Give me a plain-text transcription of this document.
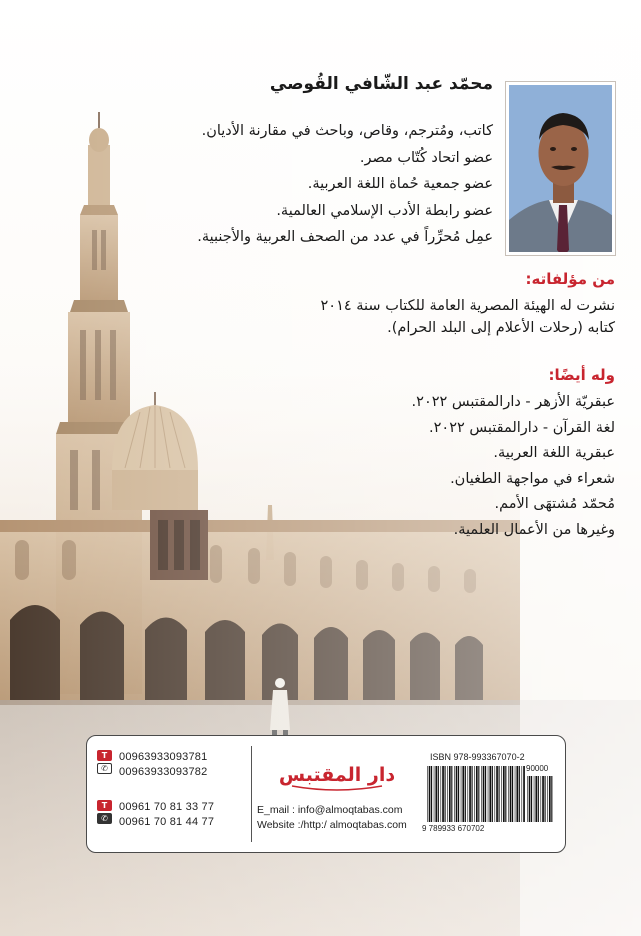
محمّد عبد الشّافي القُوصي
كاتب، ومُترجم، وقاص، وباحث في مقارنة الأديان.
عضو اتحاد كُتّاب مصر.
عضو جمعية حُماة اللغة العربية.
عضو رابطة الأدب الإسلامي العالمية.
عمِل مُحرِّراً في عدد من الصحف العربية والأجنبية.
من مؤلفاته:
نشرت له الهيئة المصرية العامة للكتاب سنة ٢٠١٤
كتابه (رحلات الأعلام إلى البلد الحرام).
وله أيضًا:
عبقريّة الأزهر - دارالمقتبس ٢٠٢٢.
لغة القرآن - دارالمقتبس ٢٠٢٢.
عبقرية اللغة العربية.
شعراء في مواجهة الطغيان.
مُحمّد مُشتهَى الأمم.
وغيرها من الأعمال العلمية.
T
✆
00963933093781
00963933093782
T
✆
00961 70 81 33 77
00961 70 81 44 77
دار المقتبس
E_mail : info@almoqtabas.com
Website :/http:/ almoqtabas.com
ISBN 978-993367070-2
90000
9 789933 670702
